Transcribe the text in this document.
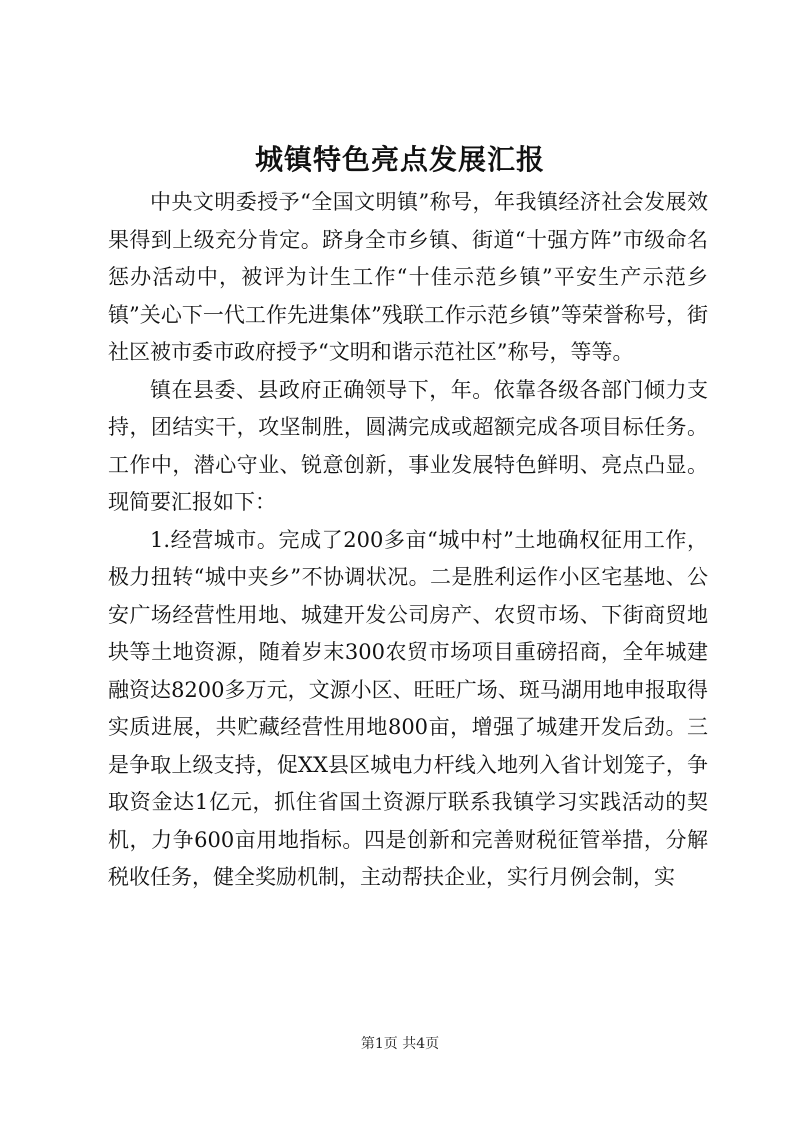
城镇特色亮点发展汇报

中央文明委授予“全国文明镇”称号，年我镇经济社会发展效果得到上级充分肯定。跻身全市乡镇、街道“十强方阵”市级命名惩办活动中，被评为计生工作“十佳示范乡镇”平安生产示范乡镇”关心下一代工作先进集体”残联工作示范乡镇”等荣誉称号，街社区被市委市政府授予“文明和谐示范社区”称号，等等。

镇在县委、县政府正确领导下，年。依靠各级各部门倾力支持，团结实干，攻坚制胜，圆满完成或超额完成各项目标任务。工作中，潜心守业、锐意创新，事业发展特色鲜明、亮点凸显。现简要汇报如下：

1.经营城市。完成了200多亩“城中村”土地确权征用工作，极力扭转“城中夹乡”不协调状况。二是胜利运作小区宅基地、公安广场经营性用地、城建开发公司房产、农贸市场、下街商贸地块等土地资源，随着岁末300农贸市场项目重磅招商，全年城建融资达8200多万元，文源小区、旺旺广场、斑马湖用地申报取得实质进展，共贮藏经营性用地800亩，增强了城建开发后劲。三是争取上级支持，促XX县区城电力杆线入地列入省计划笼子，争取资金达1亿元，抓住省国土资源厅联系我镇学习实践活动的契机，力争600亩用地指标。四是创新和完善财税征管举措，分解税收任务，健全奖励机制，主动帮扶企业，实行月例会制，实

第1页 共4页
